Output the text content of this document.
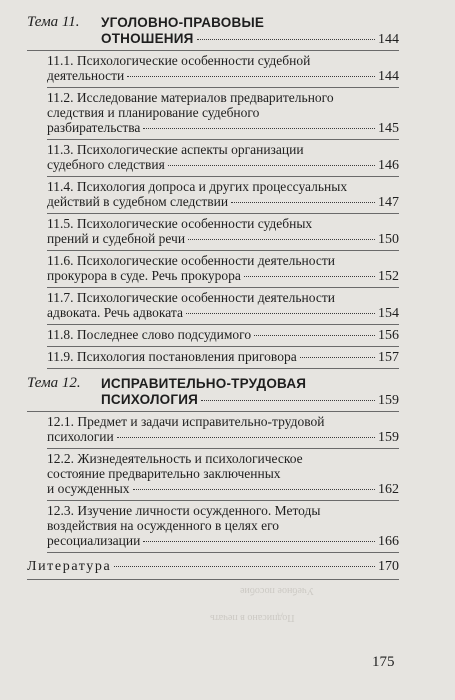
Учебное пособие
Подписано в печать
Тема 11. УГОЛОВНО-ПРАВОВЫЕ
ОТНОШЕНИЯ	144
11.1. Психологические особенности судебной
деятельности	144
11.2. Исследование материалов предварительного
следствия и планирование судебного
разбирательства	145
11.3. Психологические аспекты организации
судебного следствия	146
11.4. Психология допроса и других процессуальных
действий в судебном следствии	147
11.5. Психологические особенности судебных
прений и судебной речи	150
11.6. Психологические особенности деятельности
прокурора в суде. Речь прокурора	152
11.7. Психологические особенности деятельности
адвоката. Речь адвоката	154
11.8. Последнее слово подсудимого	156
11.9. Психология постановления приговора	157
Тема 12. ИСПРАВИТЕЛЬНО-ТРУДОВАЯ
ПСИХОЛОГИЯ	159
12.1. Предмет и задачи исправительно-трудовой
психологии	159
12.2. Жизнедеятельность и психологическое
состояние предварительно заключенных
и осужденных	162
12.3. Изучение личности осужденного. Методы
воздействия на осужденного в целях его
ресоциализации	166
Литература	170
175
